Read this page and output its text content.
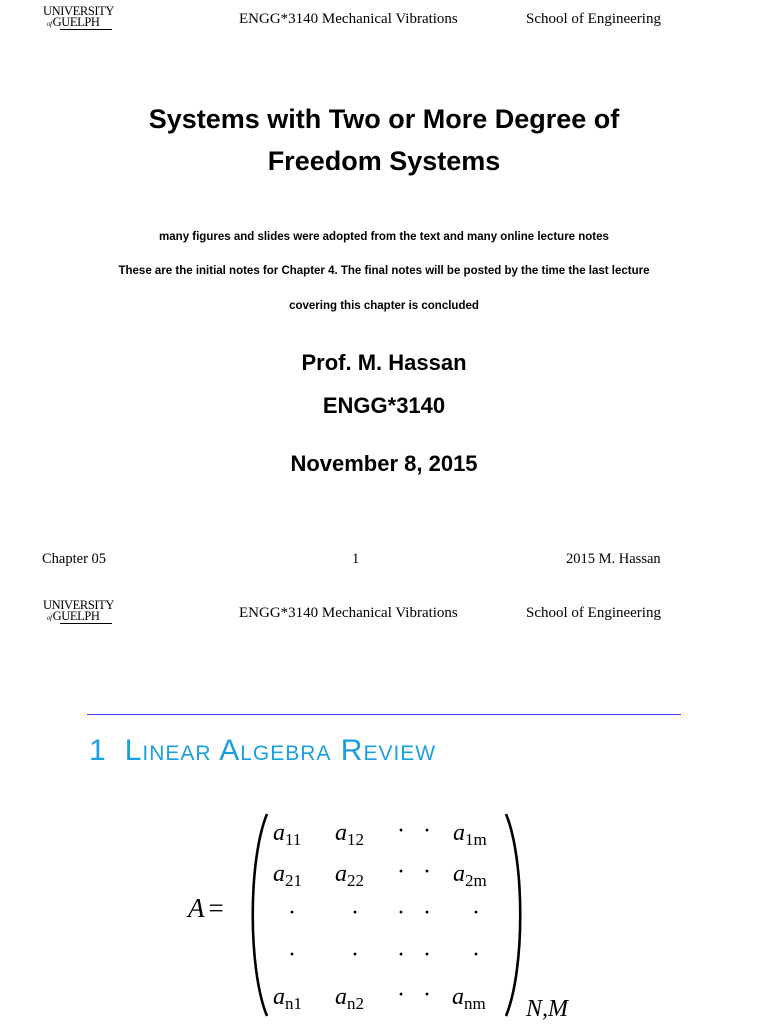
UNIVERSITY
ofGUELPH	ENGG*3140 Mechanical Vibrations	School of Engineering
Systems with Two or More Degree of
Freedom Systems
many figures and slides were adopted from the text and many online lecture notes
These are the initial notes for Chapter 4. The final notes will be posted by the time the last lecture
covering this chapter is concluded
Prof. M. Hassan
ENGG*3140
November 8, 2015
Chapter 05	1	2015 M. Hassan
UNIVERSITY
ofGUELPH	ENGG*3140 Mechanical Vibrations	School of Engineering
1 Linear Algebra Review
A =
$a_{11}$ $a_{12}$ · · $a_{1m}$
$a_{21}$ $a_{22}$ · · $a_{2m}$
· · · · ·
· · · · ·
$a_{n1}$ $a_{n2}$ · · $a_{nm}$ N,M
